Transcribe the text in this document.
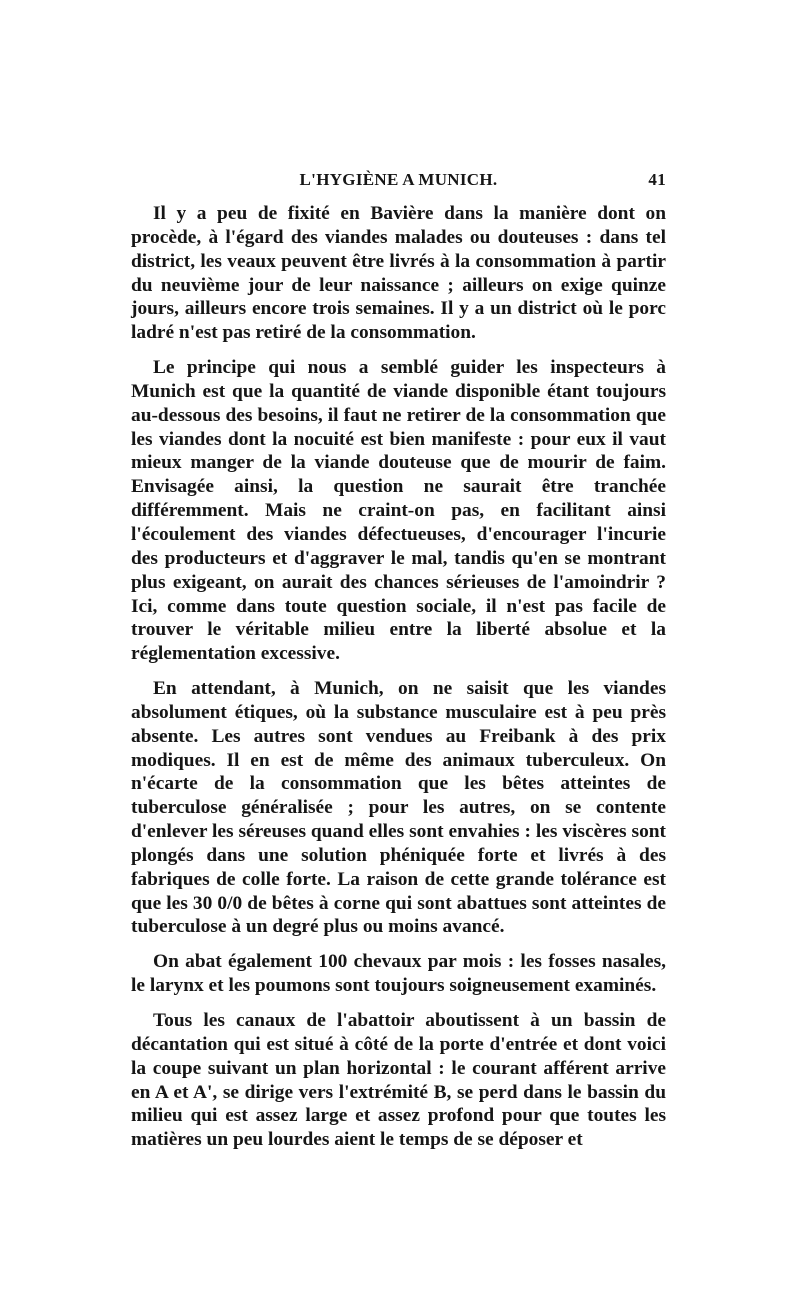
L'HYGIÈNE A MUNICH.	41

Il y a peu de fixité en Bavière dans la manière dont on procède, à l'égard des viandes malades ou douteuses : dans tel district, les veaux peuvent être livrés à la consommation à partir du neuvième jour de leur naissance ; ailleurs on exige quinze jours, ailleurs encore trois semaines. Il y a un district où le porc ladré n'est pas retiré de la consommation.

Le principe qui nous a semblé guider les inspecteurs à Munich est que la quantité de viande disponible étant toujours au-dessous des besoins, il faut ne retirer de la consommation que les viandes dont la nocuité est bien manifeste : pour eux il vaut mieux manger de la viande douteuse que de mourir de faim. Envisagée ainsi, la question ne saurait être tranchée différemment. Mais ne craint-on pas, en facilitant ainsi l'écoulement des viandes défectueuses, d'encourager l'incurie des producteurs et d'aggraver le mal, tandis qu'en se montrant plus exigeant, on aurait des chances sérieuses de l'amoindrir ? Ici, comme dans toute question sociale, il n'est pas facile de trouver le véritable milieu entre la liberté absolue et la réglementation excessive.

En attendant, à Munich, on ne saisit que les viandes absolument étiques, où la substance musculaire est à peu près absente. Les autres sont vendues au Freibank à des prix modiques. Il en est de même des animaux tuberculeux. On n'écarte de la consommation que les bêtes atteintes de tuberculose généralisée ; pour les autres, on se contente d'enlever les séreuses quand elles sont envahies : les viscères sont plongés dans une solution phéniquée forte et livrés à des fabriques de colle forte. La raison de cette grande tolérance est que les 30 0/0 de bêtes à corne qui sont abattues sont atteintes de tuberculose à un degré plus ou moins avancé.

On abat également 100 chevaux par mois : les fosses nasales, le larynx et les poumons sont toujours soigneusement examinés.

Tous les canaux de l'abattoir aboutissent à un bassin de décantation qui est situé à côté de la porte d'entrée et dont voici la coupe suivant un plan horizontal : le courant afférent arrive en A et A', se dirige vers l'extrémité B, se perd dans le bassin du milieu qui est assez large et assez profond pour que toutes les matières un peu lourdes aient le temps de se déposer et
